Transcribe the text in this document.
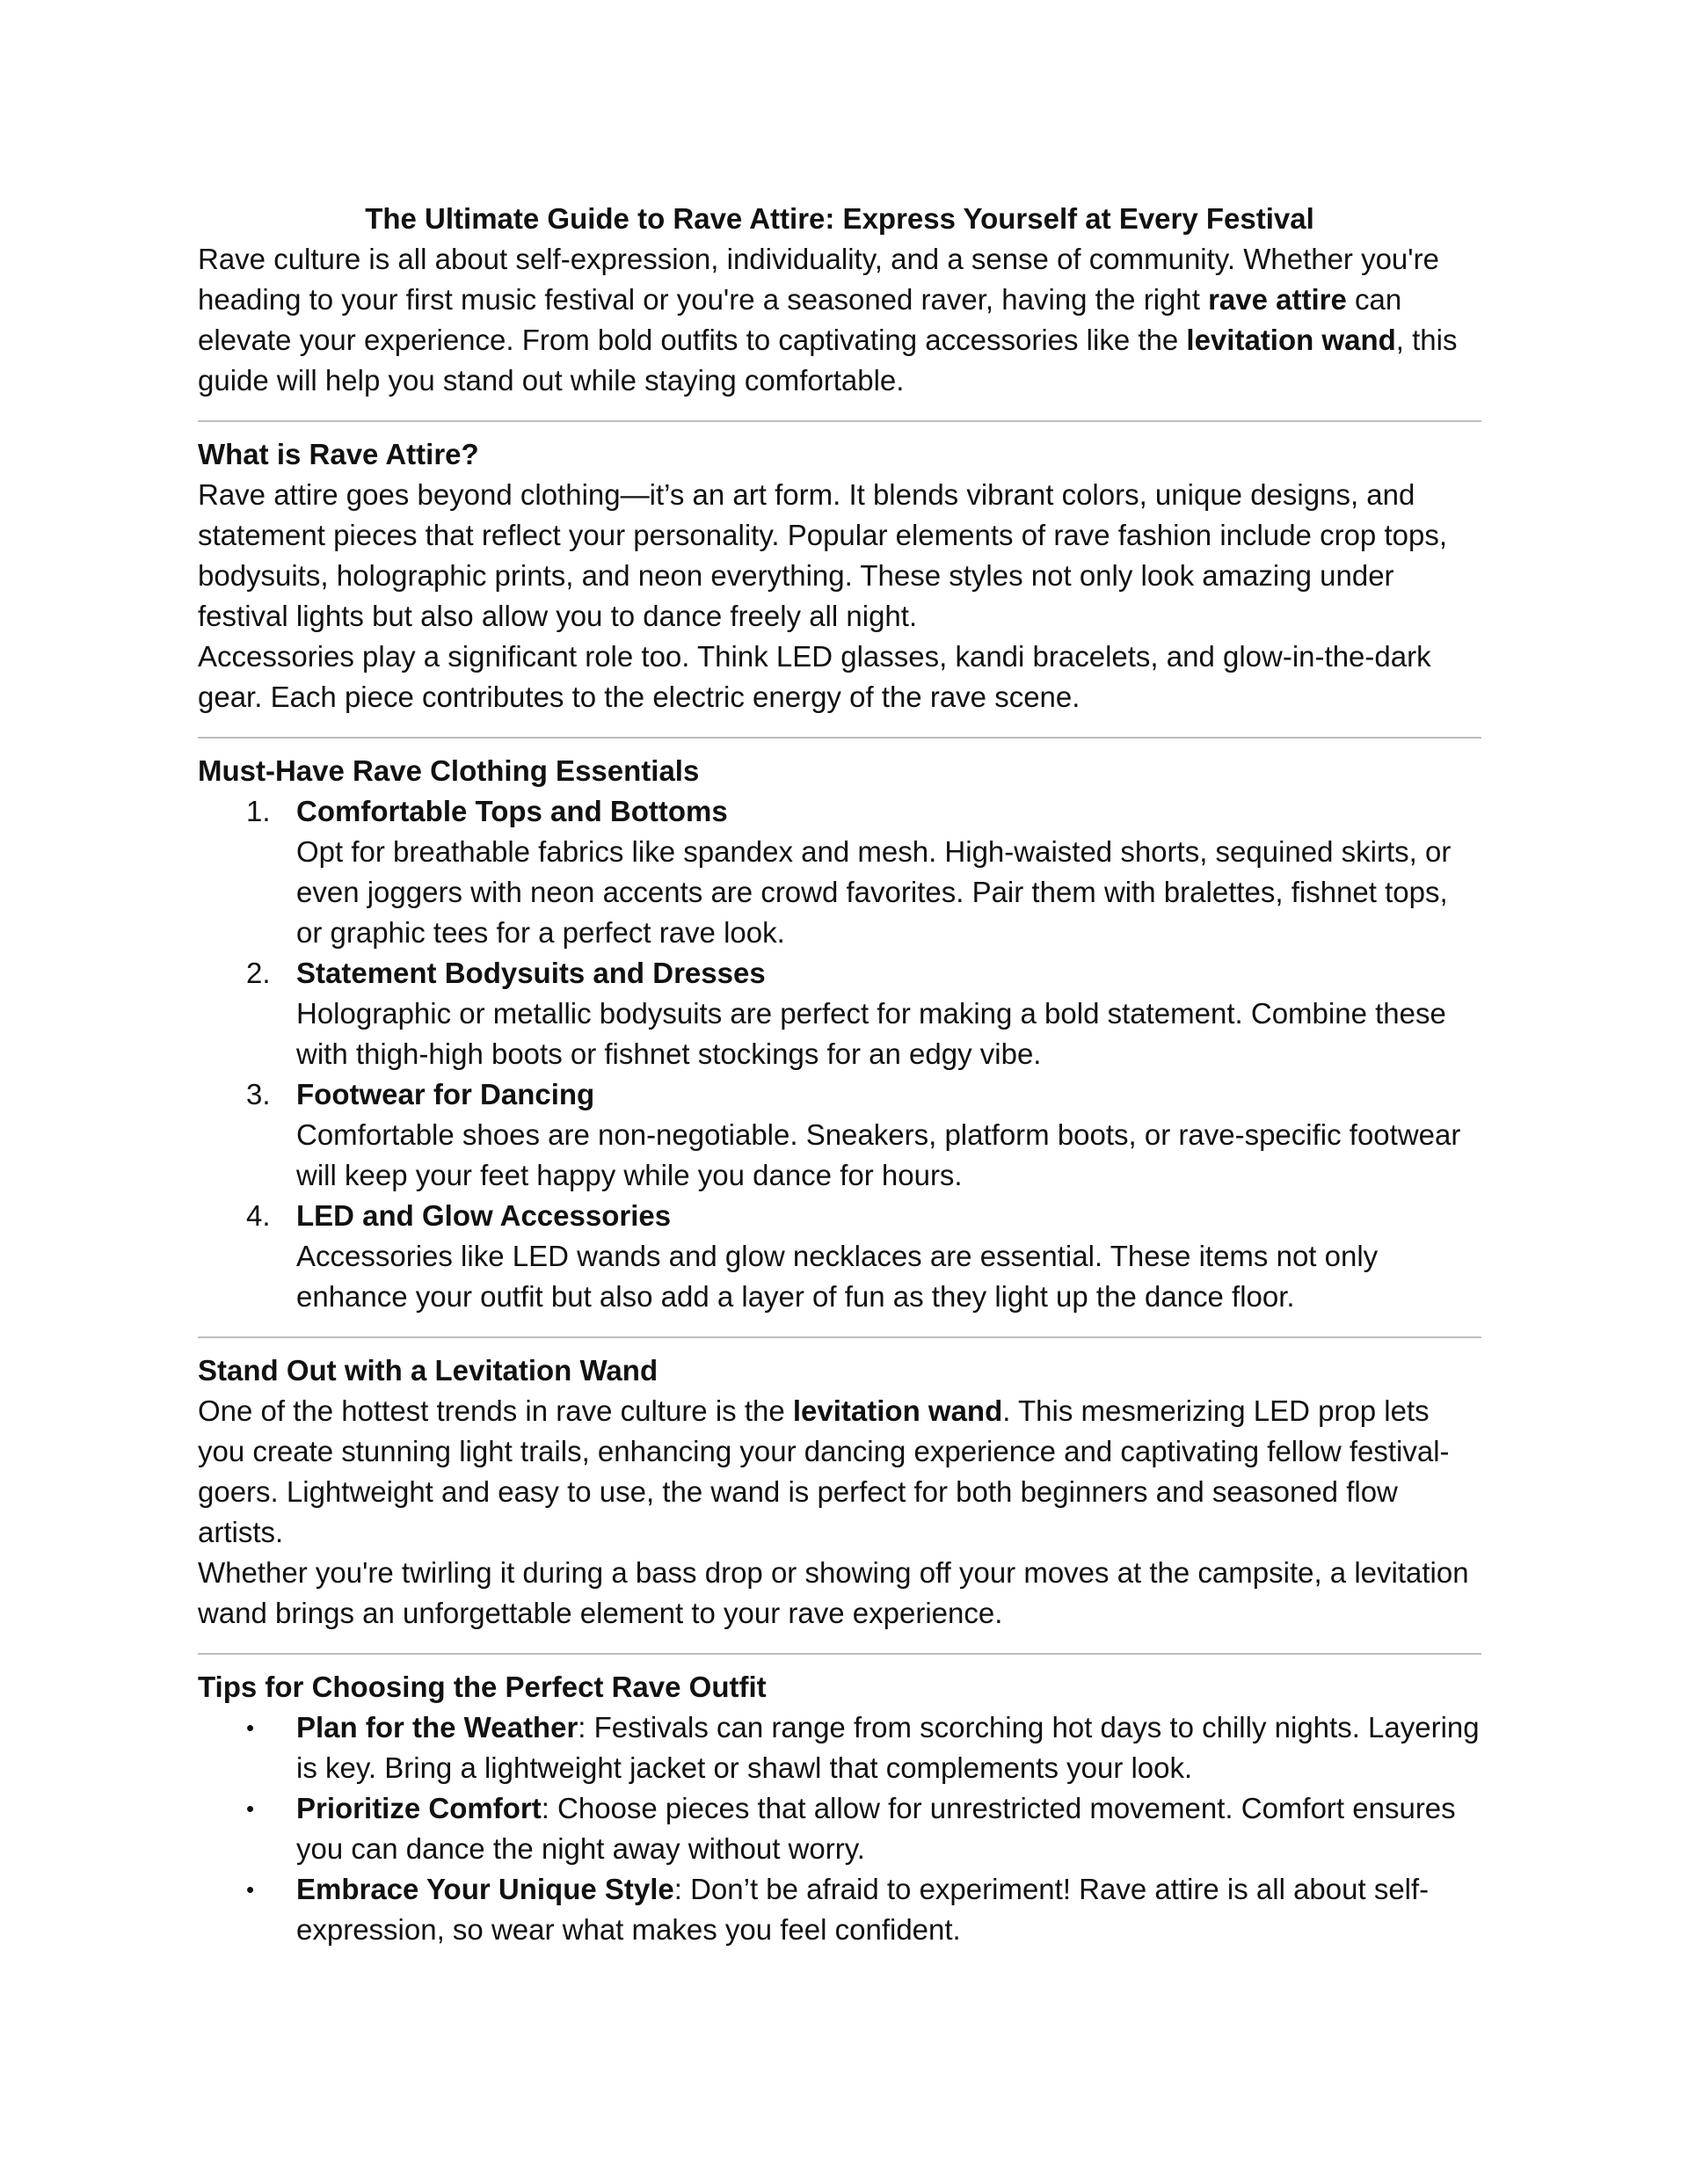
The Ultimate Guide to Rave Attire: Express Yourself at Every Festival

Rave culture is all about self-expression, individuality, and a sense of community. Whether you're heading to your first music festival or you're a seasoned raver, having the right rave attire can elevate your experience. From bold outfits to captivating accessories like the levitation wand, this guide will help you stand out while staying comfortable.

What is Rave Attire?

Rave attire goes beyond clothing—it’s an art form. It blends vibrant colors, unique designs, and statement pieces that reflect your personality. Popular elements of rave fashion include crop tops, bodysuits, holographic prints, and neon everything. These styles not only look amazing under festival lights but also allow you to dance freely all night.

Accessories play a significant role too. Think LED glasses, kandi bracelets, and glow-in-the-dark gear. Each piece contributes to the electric energy of the rave scene.

Must-Have Rave Clothing Essentials

1. Comfortable Tops and Bottoms
Opt for breathable fabrics like spandex and mesh. High-waisted shorts, sequined skirts, or even joggers with neon accents are crowd favorites. Pair them with bralettes, fishnet tops, or graphic tees for a perfect rave look.
2. Statement Bodysuits and Dresses
Holographic or metallic bodysuits are perfect for making a bold statement. Combine these with thigh-high boots or fishnet stockings for an edgy vibe.
3. Footwear for Dancing
Comfortable shoes are non-negotiable. Sneakers, platform boots, or rave-specific footwear will keep your feet happy while you dance for hours.
4. LED and Glow Accessories
Accessories like LED wands and glow necklaces are essential. These items not only enhance your outfit but also add a layer of fun as they light up the dance floor.

Stand Out with a Levitation Wand

One of the hottest trends in rave culture is the levitation wand. This mesmerizing LED prop lets you create stunning light trails, enhancing your dancing experience and captivating fellow festival-goers. Lightweight and easy to use, the wand is perfect for both beginners and seasoned flow artists.

Whether you're twirling it during a bass drop or showing off your moves at the campsite, a levitation wand brings an unforgettable element to your rave experience.

Tips for Choosing the Perfect Rave Outfit

•	Plan for the Weather: Festivals can range from scorching hot days to chilly nights. Layering is key. Bring a lightweight jacket or shawl that complements your look.
•	Prioritize Comfort: Choose pieces that allow for unrestricted movement. Comfort ensures you can dance the night away without worry.
•	Embrace Your Unique Style: Don’t be afraid to experiment! Rave attire is all about self-expression, so wear what makes you feel confident.
